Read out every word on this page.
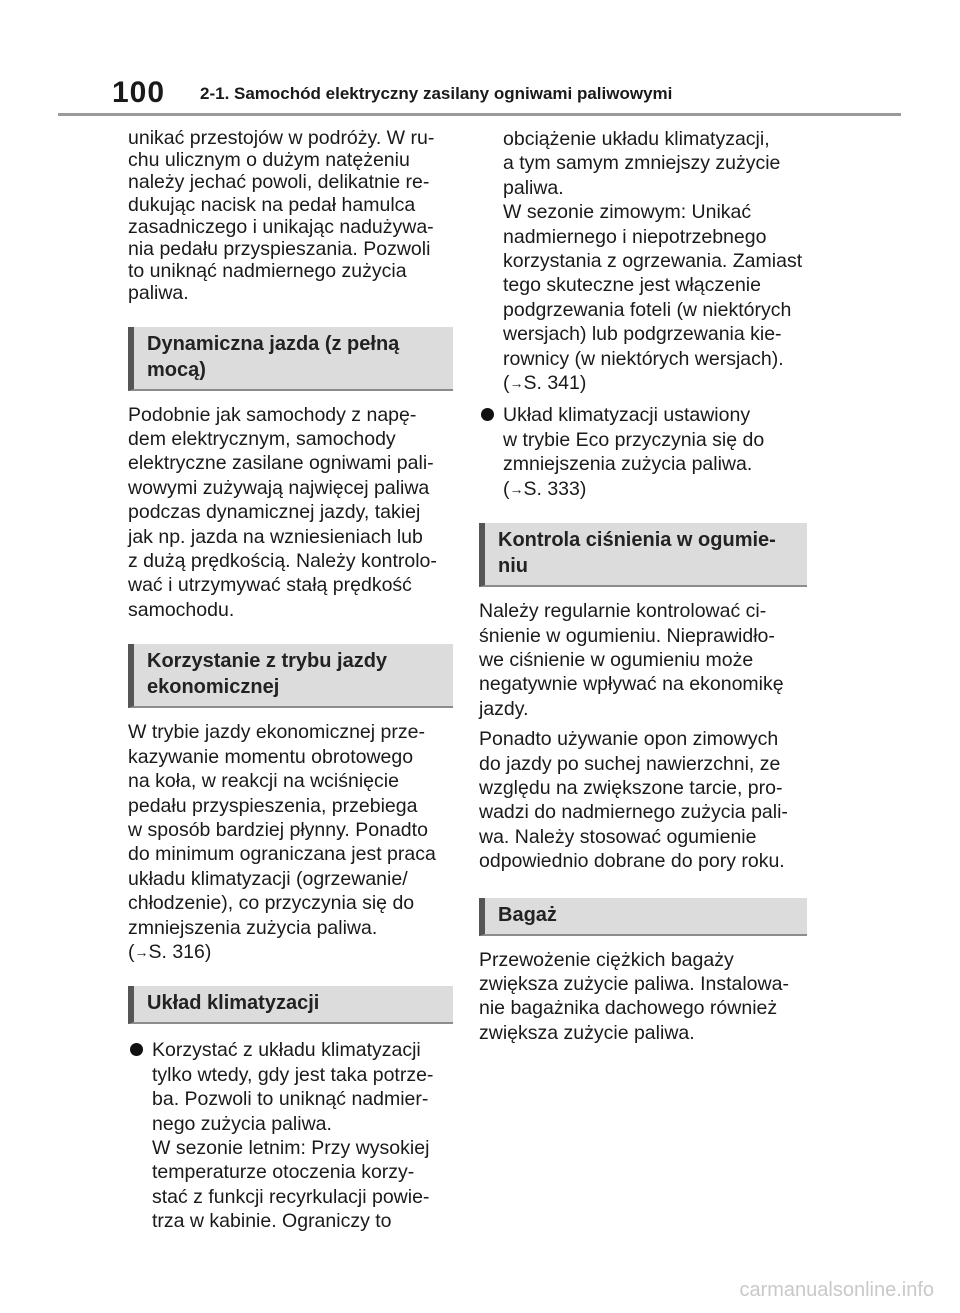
100 2-1. Samochód elektryczny zasilany ogniwami paliwowymi
unikać przestojów w podróży. W ru-
chu ulicznym o dużym natężeniu
należy jechać powoli, delikatnie re-
dukując nacisk na pedał hamulca
zasadniczego i unikając nadużywa-
nia pedału przyspieszania. Pozwoli
to uniknąć nadmiernego zużycia
paliwa.
Dynamiczna jazda (z pełną
mocą)
Podobnie jak samochody z napę-
dem elektrycznym, samochody
elektryczne zasilane ogniwami pali-
wowymi zużywają najwięcej paliwa
podczas dynamicznej jazdy, takiej
jak np. jazda na wzniesieniach lub
z dużą prędkością. Należy kontrolo-
wać i utrzymywać stałą prędkość
samochodu.
Korzystanie z trybu jazdy
ekonomicznej
W trybie jazdy ekonomicznej prze-
kazywanie momentu obrotowego
na koła, w reakcji na wciśnięcie
pedału przyspieszenia, przebiega
w sposób bardziej płynny. Ponadto
do minimum ograniczana jest praca
układu klimatyzacji (ogrzewanie/
chłodzenie), co przyczynia się do
zmniejszenia zużycia paliwa.
(→S. 316)
Układ klimatyzacji
Korzystać z układu klimatyzacji
tylko wtedy, gdy jest taka potrze-
ba. Pozwoli to uniknąć nadmier-
nego zużycia paliwa.
W sezonie letnim: Przy wysokiej
temperaturze otoczenia korzy-
stać z funkcji recyrkulacji powie-
trza w kabinie. Ograniczy to
obciążenie układu klimatyzacji,
a tym samym zmniejszy zużycie
paliwa.
W sezonie zimowym: Unikać
nadmiernego i niepotrzebnego
korzystania z ogrzewania. Zamiast
tego skuteczne jest włączenie
podgrzewania foteli (w niektórych
wersjach) lub podgrzewania kie-
rownicy (w niektórych wersjach).
(→S. 341)
Układ klimatyzacji ustawiony
w trybie Eco przyczynia się do
zmniejszenia zużycia paliwa.
(→S. 333)
Kontrola ciśnienia w ogumie-
niu
Należy regularnie kontrolować ci-
śnienie w ogumieniu. Nieprawidło-
we ciśnienie w ogumieniu może
negatywnie wpływać na ekonomikę
jazdy.
Ponadto używanie opon zimowych
do jazdy po suchej nawierzchni, ze
względu na zwiększone tarcie, pro-
wadzi do nadmiernego zużycia pali-
wa. Należy stosować ogumienie
odpowiednio dobrane do pory roku.
Bagaż
Przewożenie ciężkich bagaży
zwiększa zużycie paliwa. Instalowa-
nie bagażnika dachowego również
zwiększa zużycie paliwa.
carmanualsonline.info
